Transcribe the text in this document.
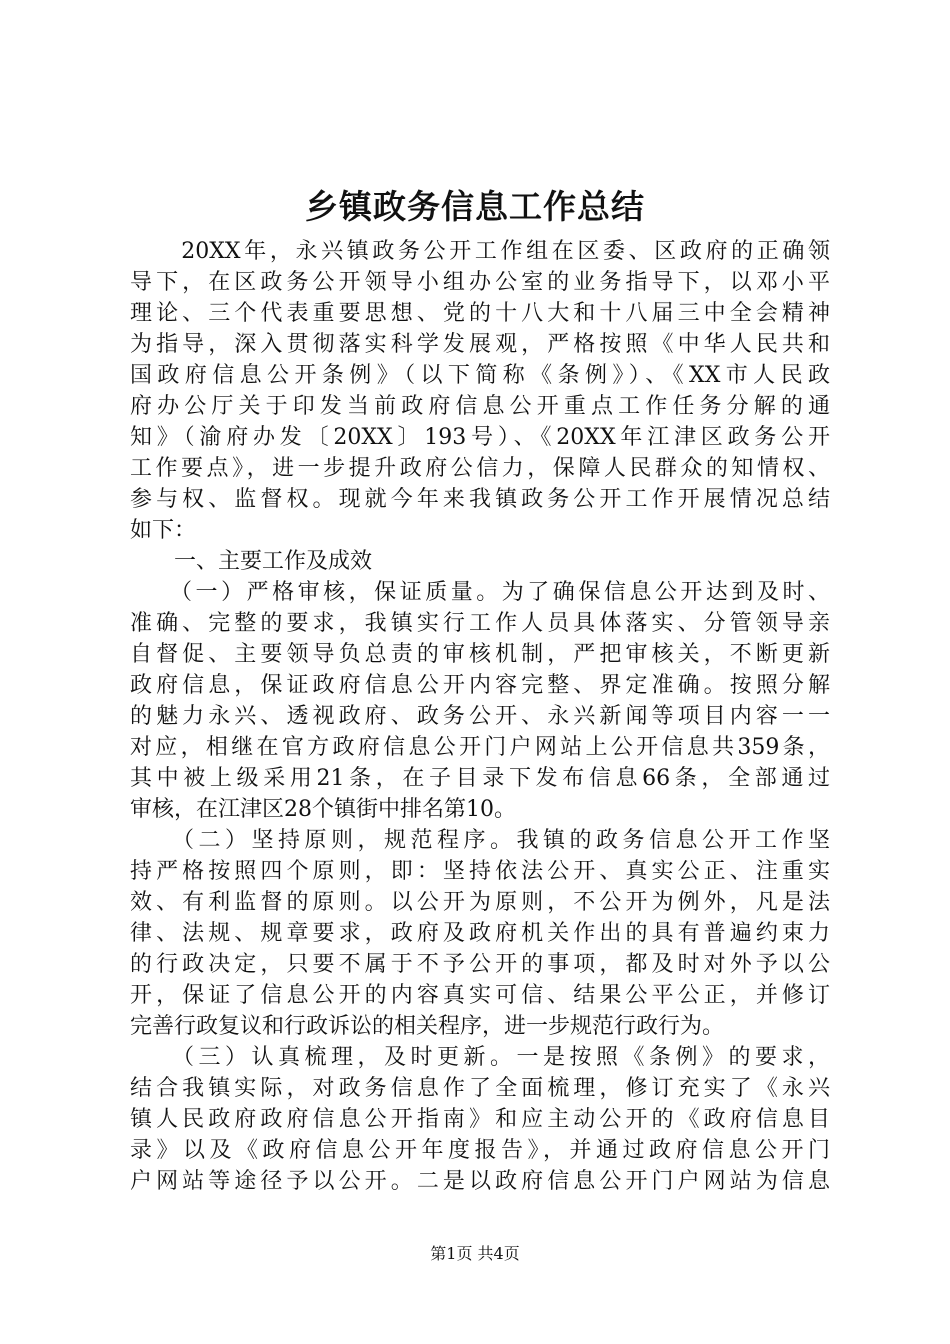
乡镇政务信息工作总结
　　20XX年，永兴镇政务公开工作组在区委、区政府的正确领
导下，在区政务公开领导小组办公室的业务指导下，以邓小平
理论、三个代表重要思想、党的十八大和十八届三中全会精神
为指导，深入贯彻落实科学发展观，严格按照《中华人民共和
国政府信息公开条例》（以下简称《条例》）、《XX市人民政
府办公厅关于印发当前政府信息公开重点工作任务分解的通
知》（渝府办发〔20XX〕193号）、《20XX年江津区政务公开
工作要点》，进一步提升政府公信力，保障人民群众的知情权、
参与权、监督权。现就今年来我镇政务公开工作开展情况总结
如下：
　　一、主要工作及成效
　　（一）严格审核，保证质量。为了确保信息公开达到及时、
准确、完整的要求，我镇实行工作人员具体落实、分管领导亲
自督促、主要领导负总责的审核机制，严把审核关，不断更新
政府信息，保证政府信息公开内容完整、界定准确。按照分解
的魅力永兴、透视政府、政务公开、永兴新闻等项目内容一一
对应，相继在官方政府信息公开门户网站上公开信息共359条，
其中被上级采用21条，在子目录下发布信息66条，全部通过
审核，在江津区28个镇街中排名第10。
　　（二）坚持原则，规范程序。我镇的政务信息公开工作坚
持严格按照四个原则，即：坚持依法公开、真实公正、注重实
效、有利监督的原则。以公开为原则，不公开为例外，凡是法
律、法规、规章要求，政府及政府机关作出的具有普遍约束力
的行政决定，只要不属于不予公开的事项，都及时对外予以公
开，保证了信息公开的内容真实可信、结果公平公正，并修订
完善行政复议和行政诉讼的相关程序，进一步规范行政行为。
　　（三）认真梳理，及时更新。一是按照《条例》的要求，
结合我镇实际，对政务信息作了全面梳理，修订充实了《永兴
镇人民政府政府信息公开指南》和应主动公开的《政府信息目
录》以及《政府信息公开年度报告》，并通过政府信息公开门
户网站等途径予以公开。二是以政府信息公开门户网站为信息
第1页 共4页
